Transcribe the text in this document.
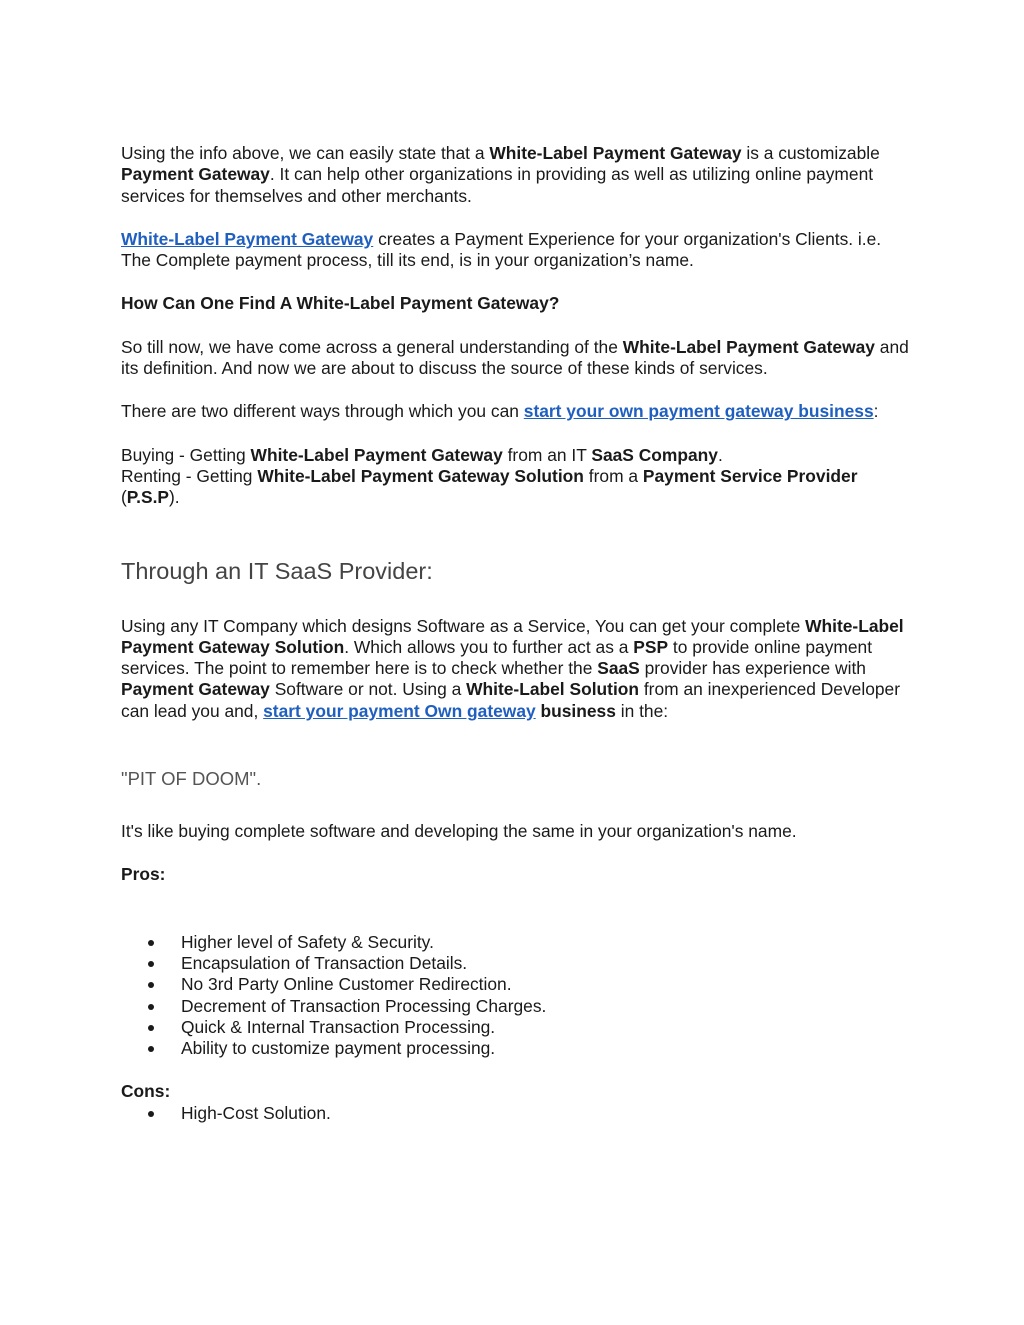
Using the info above, we can easily state that a White-Label Payment Gateway is a customizable Payment Gateway. It can help other organizations in providing as well as utilizing online payment services for themselves and other merchants.

White-Label Payment Gateway creates a Payment Experience for your organization's Clients. i.e. The Complete payment process, till its end, is in your organization’s name.

How Can One Find A White-Label Payment Gateway?

So till now, we have come across a general understanding of the White-Label Payment Gateway and its definition. And now we are about to discuss the source of these kinds of services.

There are two different ways through which you can start your own payment gateway business:

Buying - Getting White-Label Payment Gateway from an IT SaaS Company.

Renting - Getting White-Label Payment Gateway Solution from a Payment Service Provider (P.S.P).

Through an IT SaaS Provider:

Using any IT Company which designs Software as a Service, You can get your complete White-Label Payment Gateway Solution. Which allows you to further act as a PSP to provide online payment services. The point to remember here is to check whether the SaaS provider has experience with Payment Gateway Software or not. Using a White-Label Solution from an inexperienced Developer can lead you and, start your payment Own gateway business in the:

"PIT OF DOOM".

It's like buying complete software and developing the same in your organization's name.

Pros:

Higher level of Safety & Security.
Encapsulation of Transaction Details.
No 3rd Party Online Customer Redirection.
Decrement of Transaction Processing Charges.
Quick & Internal Transaction Processing.
Ability to customize payment processing.

Cons:

High-Cost Solution.
